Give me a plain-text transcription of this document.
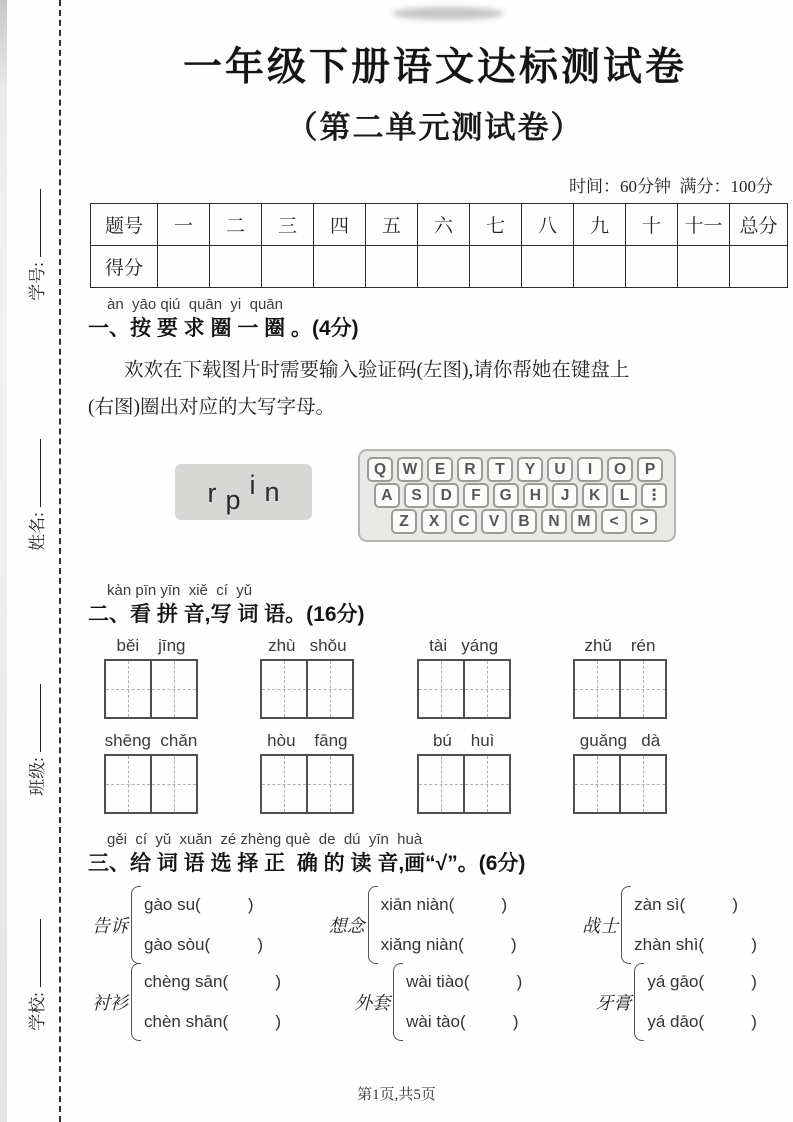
学号:
姓名:
班级:
学校:
一年级下册语文达标测试卷
（第二单元测试卷）
时间：60分钟  满分：100分
题号	一	二	三	四	五	六	七	八	九	十	十一	总分
得分												
àn  yāo qiú  quān  yi  quān
一、按 要 求 圈 一 圈 。(4分)
欢欢在下载图片时需要输入验证码(左图),请你帮她在键盘上
(右图)圈出对应的大写字母。
r p i n
Q	W	E	R	T	Y	U	I	O	P
A	S	D	F	G	H	J	K	L	⋮
Z	X	C	V	B	N	M	<	>
kàn pīn yīn  xiě  cí  yǔ
二、看 拼 音,写 词 语。(16分)
běi    jīng	zhù   shǒu	tài   yáng	zhǔ    rén
shēng  chǎn	hòu    fāng	bú    huì	guǎng   dà
gěi  cí  yǔ  xuǎn  zé zhèng què  de  dú  yīn  huà
三、给 词 语 选 择 正  确 的 读 音,画“√”。(6分)
告诉
gào su(          )
gào sòu(          )
想念
xiān niàn(          )
xiǎng niàn(          )
战士
zàn sì(          )
zhàn shì(          )
衬衫
chèng sān(          )
chèn shān(          )
外套
wài tiào(          )
wài tào(          )
牙膏
yá gāo(          )
yá dāo(          )
第1页,共5页
